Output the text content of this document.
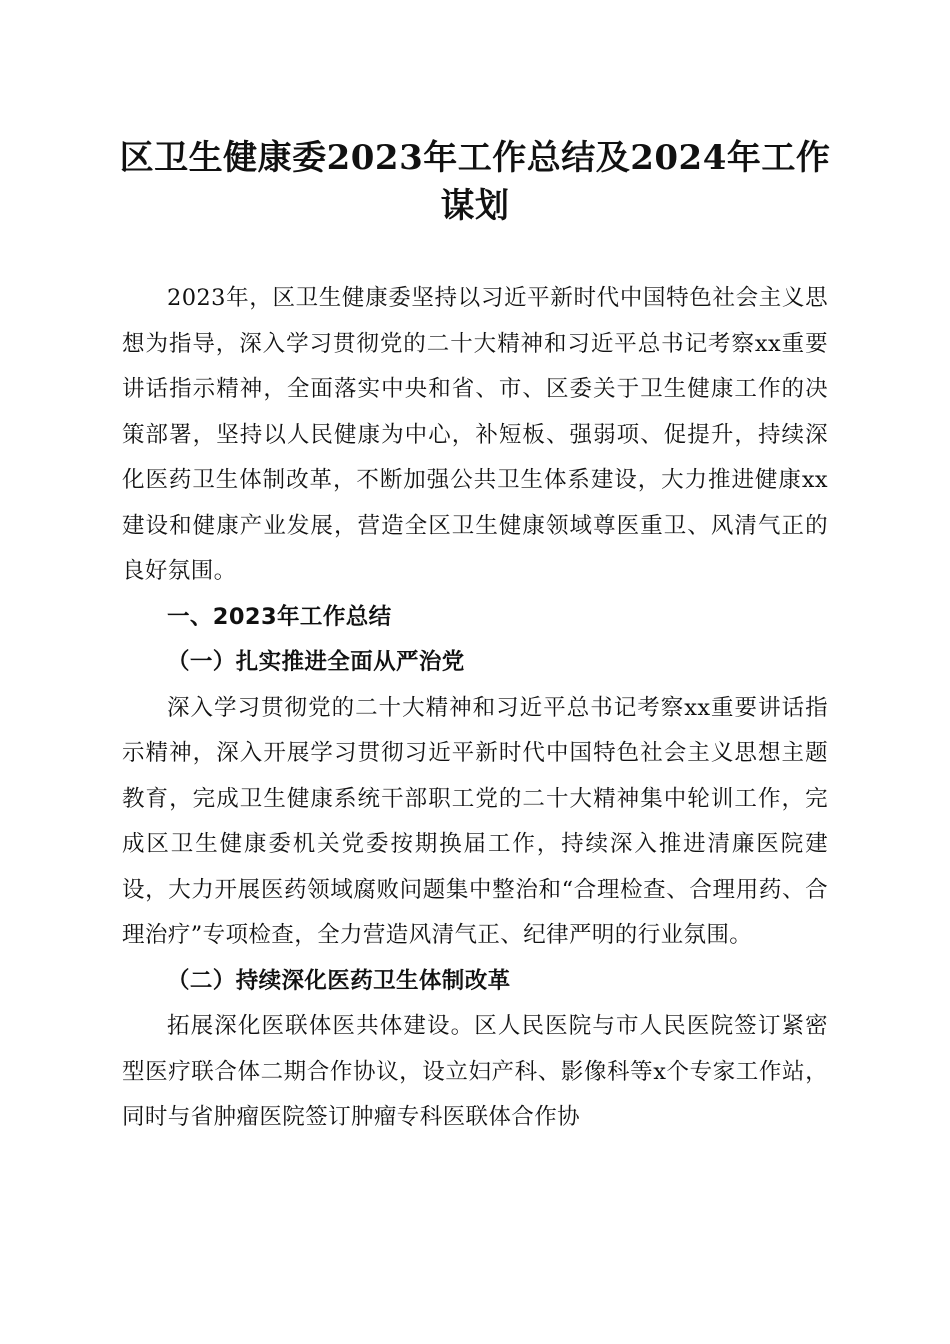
区卫生健康委2023年工作总结及2024年工作
谋划

2023年，区卫生健康委坚持以习近平新时代中国特色社会主义思想为指导，深入学习贯彻党的二十大精神和习近平总书记考察xx重要讲话指示精神，全面落实中央和省、市、区委关于卫生健康工作的决策部署，坚持以人民健康为中心，补短板、强弱项、促提升，持续深化医药卫生体制改革，不断加强公共卫生体系建设，大力推进健康xx建设和健康产业发展，营造全区卫生健康领域尊医重卫、风清气正的良好氛围。

一、2023年工作总结

（一）扎实推进全面从严治党

深入学习贯彻党的二十大精神和习近平总书记考察xx重要讲话指示精神，深入开展学习贯彻习近平新时代中国特色社会主义思想主题教育，完成卫生健康系统干部职工党的二十大精神集中轮训工作，完成区卫生健康委机关党委按期换届工作，持续深入推进清廉医院建设，大力开展医药领域腐败问题集中整治和“合理检查、合理用药、合理治疗”专项检查，全力营造风清气正、纪律严明的行业氛围。

（二）持续深化医药卫生体制改革

拓展深化医联体医共体建设。区人民医院与市人民医院签订紧密型医疗联合体二期合作协议，设立妇产科、影像科等x个专家工作站，同时与省肿瘤医院签订肿瘤专科医联体合作协
